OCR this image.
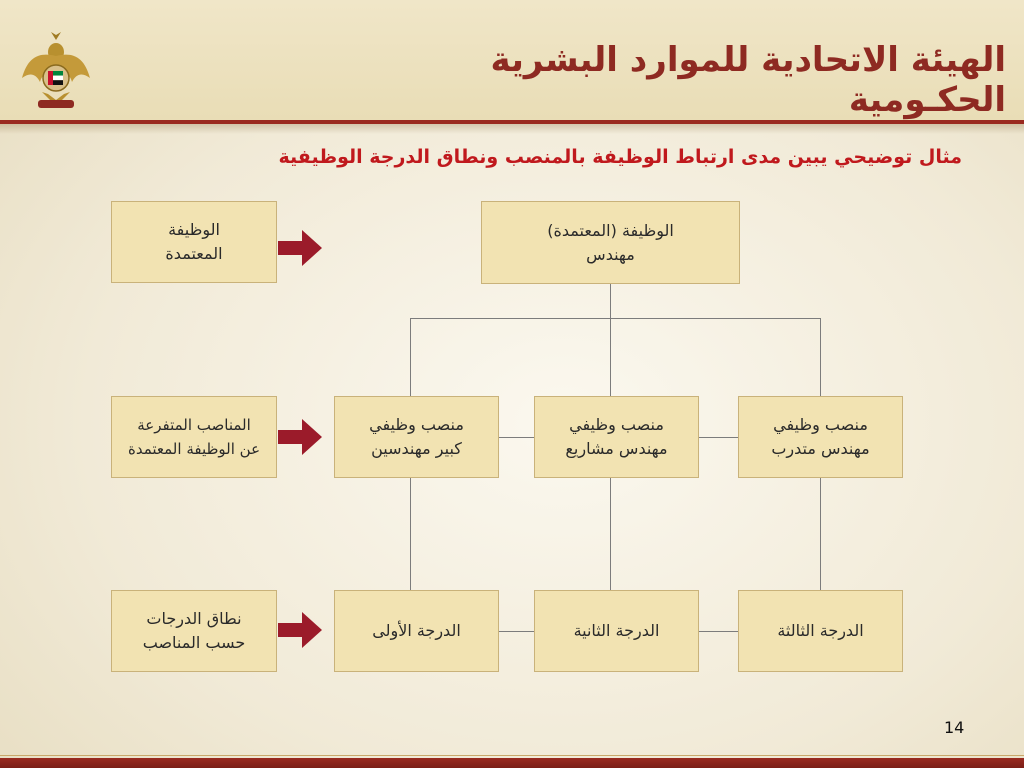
الهيئة الاتحادية للموارد البشرية الحكـومية
مثال توضيحي يبين مدى ارتباط الوظيفة بالمنصب ونطاق الدرجة الوظيفية
الوظيفة
المعتمدة
المناصب المتفرعة
عن الوظيفة المعتمدة
نطاق الدرجات
حسب المناصب
الوظيفة (المعتمدة)
مهندس
منصب وظيفي
كبير مهندسين
منصب وظيفي
مهندس مشاريع
منصب وظيفي
مهندس متدرب
الدرجة الأولى	الدرجة الثانية	الدرجة الثالثة
14
